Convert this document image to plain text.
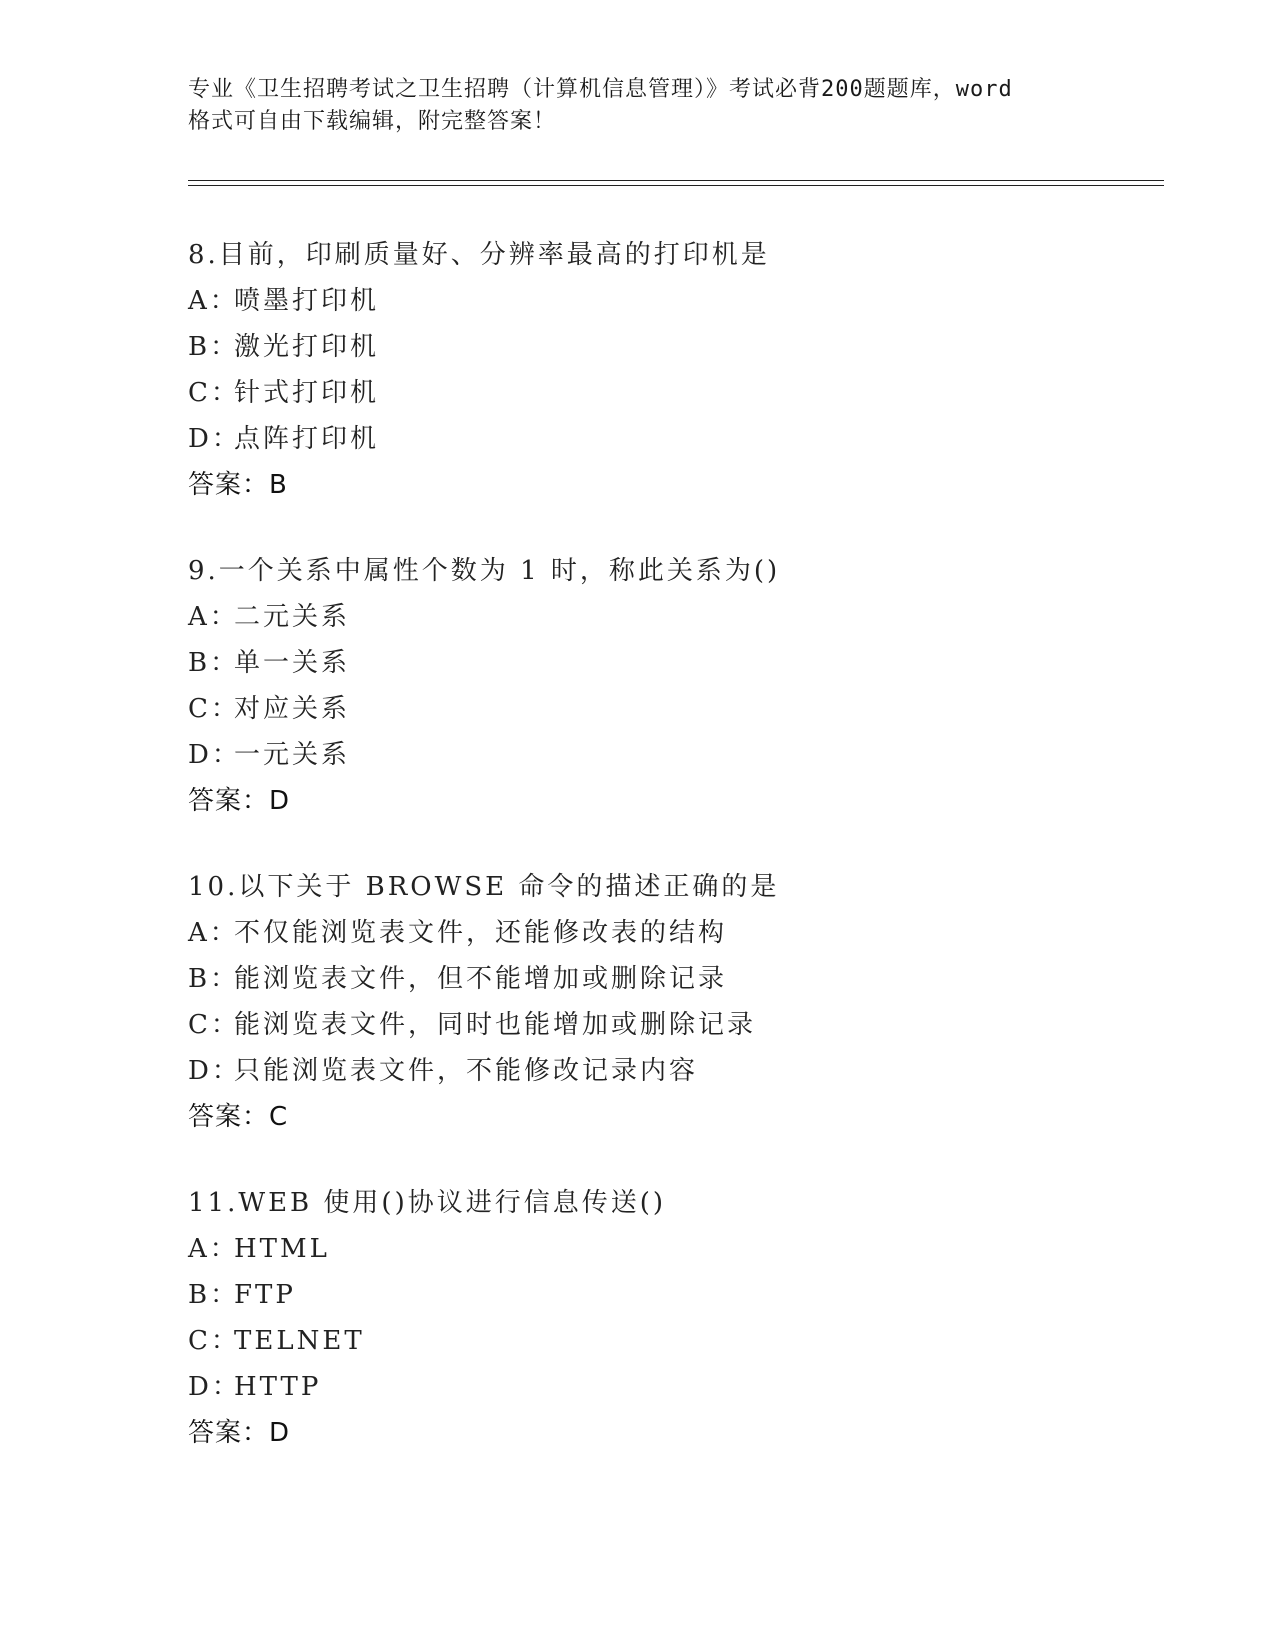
专业《卫生招聘考试之卫生招聘（计算机信息管理）》考试必背200题题库，word
格式可自由下载编辑，附完整答案！
8.目前，印刷质量好、分辨率最高的打印机是
A：喷墨打印机
B：激光打印机
C：针式打印机
D：点阵打印机
答案：B
9.一个关系中属性个数为 1 时，称此关系为()
A：二元关系
B：单一关系
C：对应关系
D：一元关系
答案：D
10.以下关于 BROWSE 命令的描述正确的是
A：不仅能浏览表文件，还能修改表的结构
B：能浏览表文件，但不能增加或删除记录
C：能浏览表文件，同时也能增加或删除记录
D：只能浏览表文件，不能修改记录内容
答案：C
11.WEB 使用()协议进行信息传送()
A：HTML
B：FTP
C：TELNET
D：HTTP
答案：D
